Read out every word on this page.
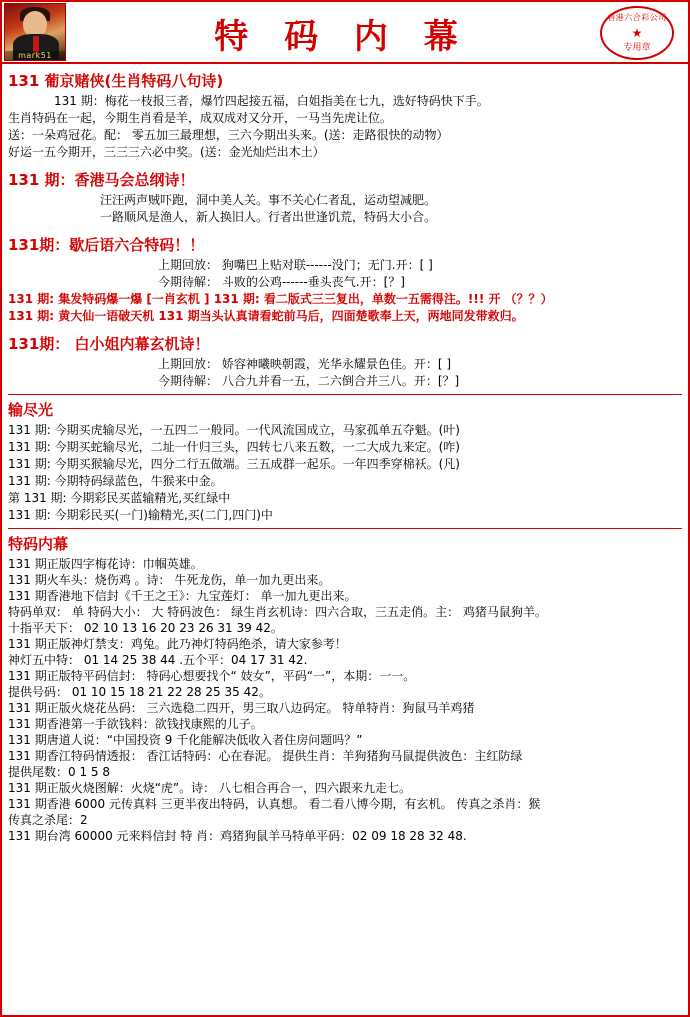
mark51	特 码 内 幕	香港六合彩公司
★
专用章
131 葡京赌侠(生肖特码八句诗)
131 期：梅花一枝报三者，爆竹四起接五福，白姐指美在七九，选好特码快下手。
生肖特码在一起，今期生肖看是羊，成双成对又分开，一马当先虎让位。
送：一朵鸡冠花。配： 零五加三最理想，三六今期出头来。(送：走路很快的动物）
好运一五今期开，三三三六必中奖。(送：金光灿烂出木土）
131 期：香港马会总纲诗！
汪汪两声贼吓跑，洞中美人关。事不关心仁者乱，运动望减肥。
一路顺风是渔人，新人换旧人。行者出世逢饥荒，特码大小合。
131期：歇后语六合特码！！
上期回放： 狗嘴巴上贴对联------没门；无门.开：[ ]
今期待解： 斗败的公鸡------垂头丧气.开：[？]
131 期: 集发特码爆一爆 [一肖玄机 ] 131 期: 看二版式三三复出，单数一五需得注。!!! 开 （？？）
131 期: 黄大仙一语破天机 131 期当头认真请看蛇前马后，四面楚歌奉上天，两地同发带救归。
131期： 白小姐内幕玄机诗！
上期回放： 娇容神曦映朝霞，光华永耀景色佳。开：[ ]
今期待解： 八合九并看一五，二六倒合并三八。开：[？]
输尽光
131 期: 今期买虎输尽光，一五四二一般同。一代风流国成立，马家孤单五夺魁。(叶)
131 期: 今期买蛇输尽光，二址一什归三头，四转七八来五数，一二大成九来定。(咋)
131 期: 今期买猴输尽光，四分二行五做端。三五成群一起乐。一年四季穿棉袄。(凡)
131 期: 今期特码绿蓝色，牛猴来中金。
第 131 期: 今期彩民买蓝输精光,买红绿中
131 期: 今期彩民买(一门)输精光,买(二门,四门)中
特码内幕
131 期正版四字梅花诗：巾帼英雄。
131 期火车头：烧伤鸡 。诗： 牛死龙伤，单一加九更出来。
131 期香港地下信封《千王之王》：九宝莲灯： 单一加九更出来。
特码单双： 单 特码大小： 大 特码波色： 绿生肖玄机诗：四六合取，三五走俏。主： 鸡猪马鼠狗羊。
十指平天下： 02 10 13 16 20 23 26 31 39 42。
131 期正版神灯禁支：鸡兔。此乃神灯特码绝杀，请大家参考！
神灯五中特： 01 14 25 38 44 .五个平：04 17 31 42.
131 期正版特平码信封： 特码心想要找个“ 妓女”，平码“一”，本期：一一。
提供号码： 01 10 15 18 21 22 28 25 35 42。
131 期正版火烧花丛码： 三六选稳二四开，男三取八边码定。 特单特肖：狗鼠马羊鸡猪
131 期香港第一手欲钱料：欲钱找康熙的儿子。
131 期唐道人说：“中国投资 9 千化能解决低收入者住房问题吗？”
131 期香江特码情透报： 香江话特码：心在春泥。 提供生肖：羊狗猪狗马鼠提供波色：主红防绿
提供尾数：0 1 5 8
131 期正版火烧图解：火烧“虎”。诗： 八七相合再合一，四六跟来九走七。
131 期香港 6000 元传真料 三更半夜出特码，认真想。 看二看八博今期，有玄机。 传真之杀肖：猴
传真之杀尾：2
131 期台湾 60000 元来料信封 特 肖：鸡猪狗鼠羊马特单平码：02 09 18 28 32 48.
